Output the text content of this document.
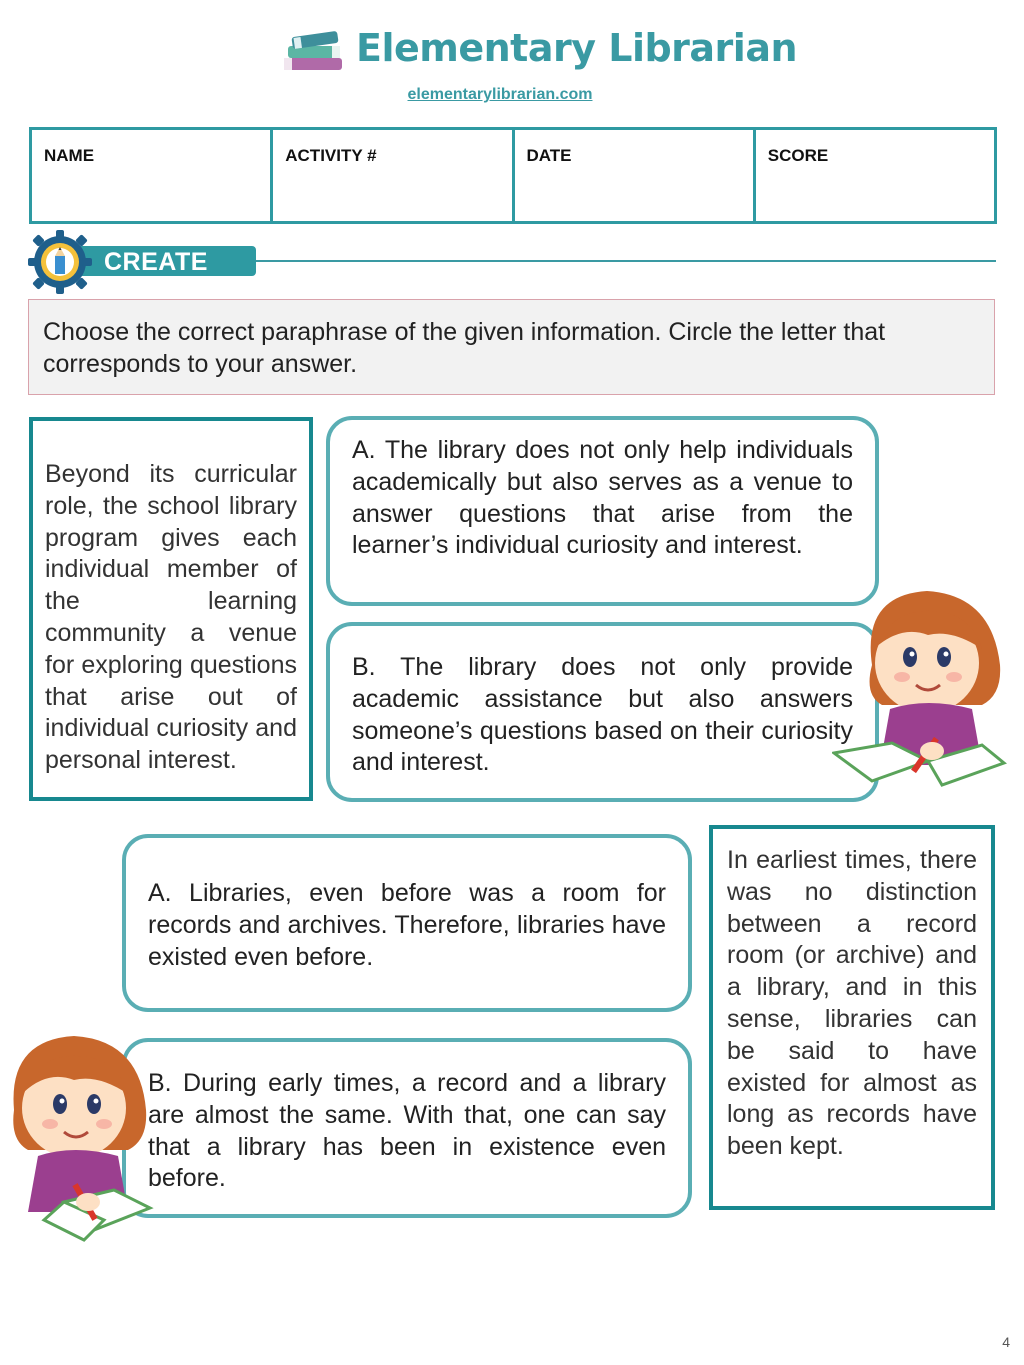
Elementary Librarian
elementarylibrarian.com
NAME	ACTIVITY #	DATE	SCORE
CREATE
Choose the correct paraphrase of the given information. Circle the letter that corresponds to your answer.

Beyond its curricular role, the school library program gives each individual member of the learning community a venue for exploring questions that arise out of individual curiosity and personal interest.

A. The library does not only help individuals academically but also serves as a venue to answer questions that arise from the learner’s individual curiosity and interest.

B. The library does not only provide academic assistance but also answers someone’s questions based on their curiosity and interest.

A. Libraries, even before was a room for records and archives. Therefore, libraries have existed even before.

In earliest times, there was no distinction between a record room (or archive) and a library, and in this sense, libraries can be said to have existed for almost as long as records have been kept.

B. During early times, a record and a library are almost the same. With that, one can say that a library has been in existence even before.

4
